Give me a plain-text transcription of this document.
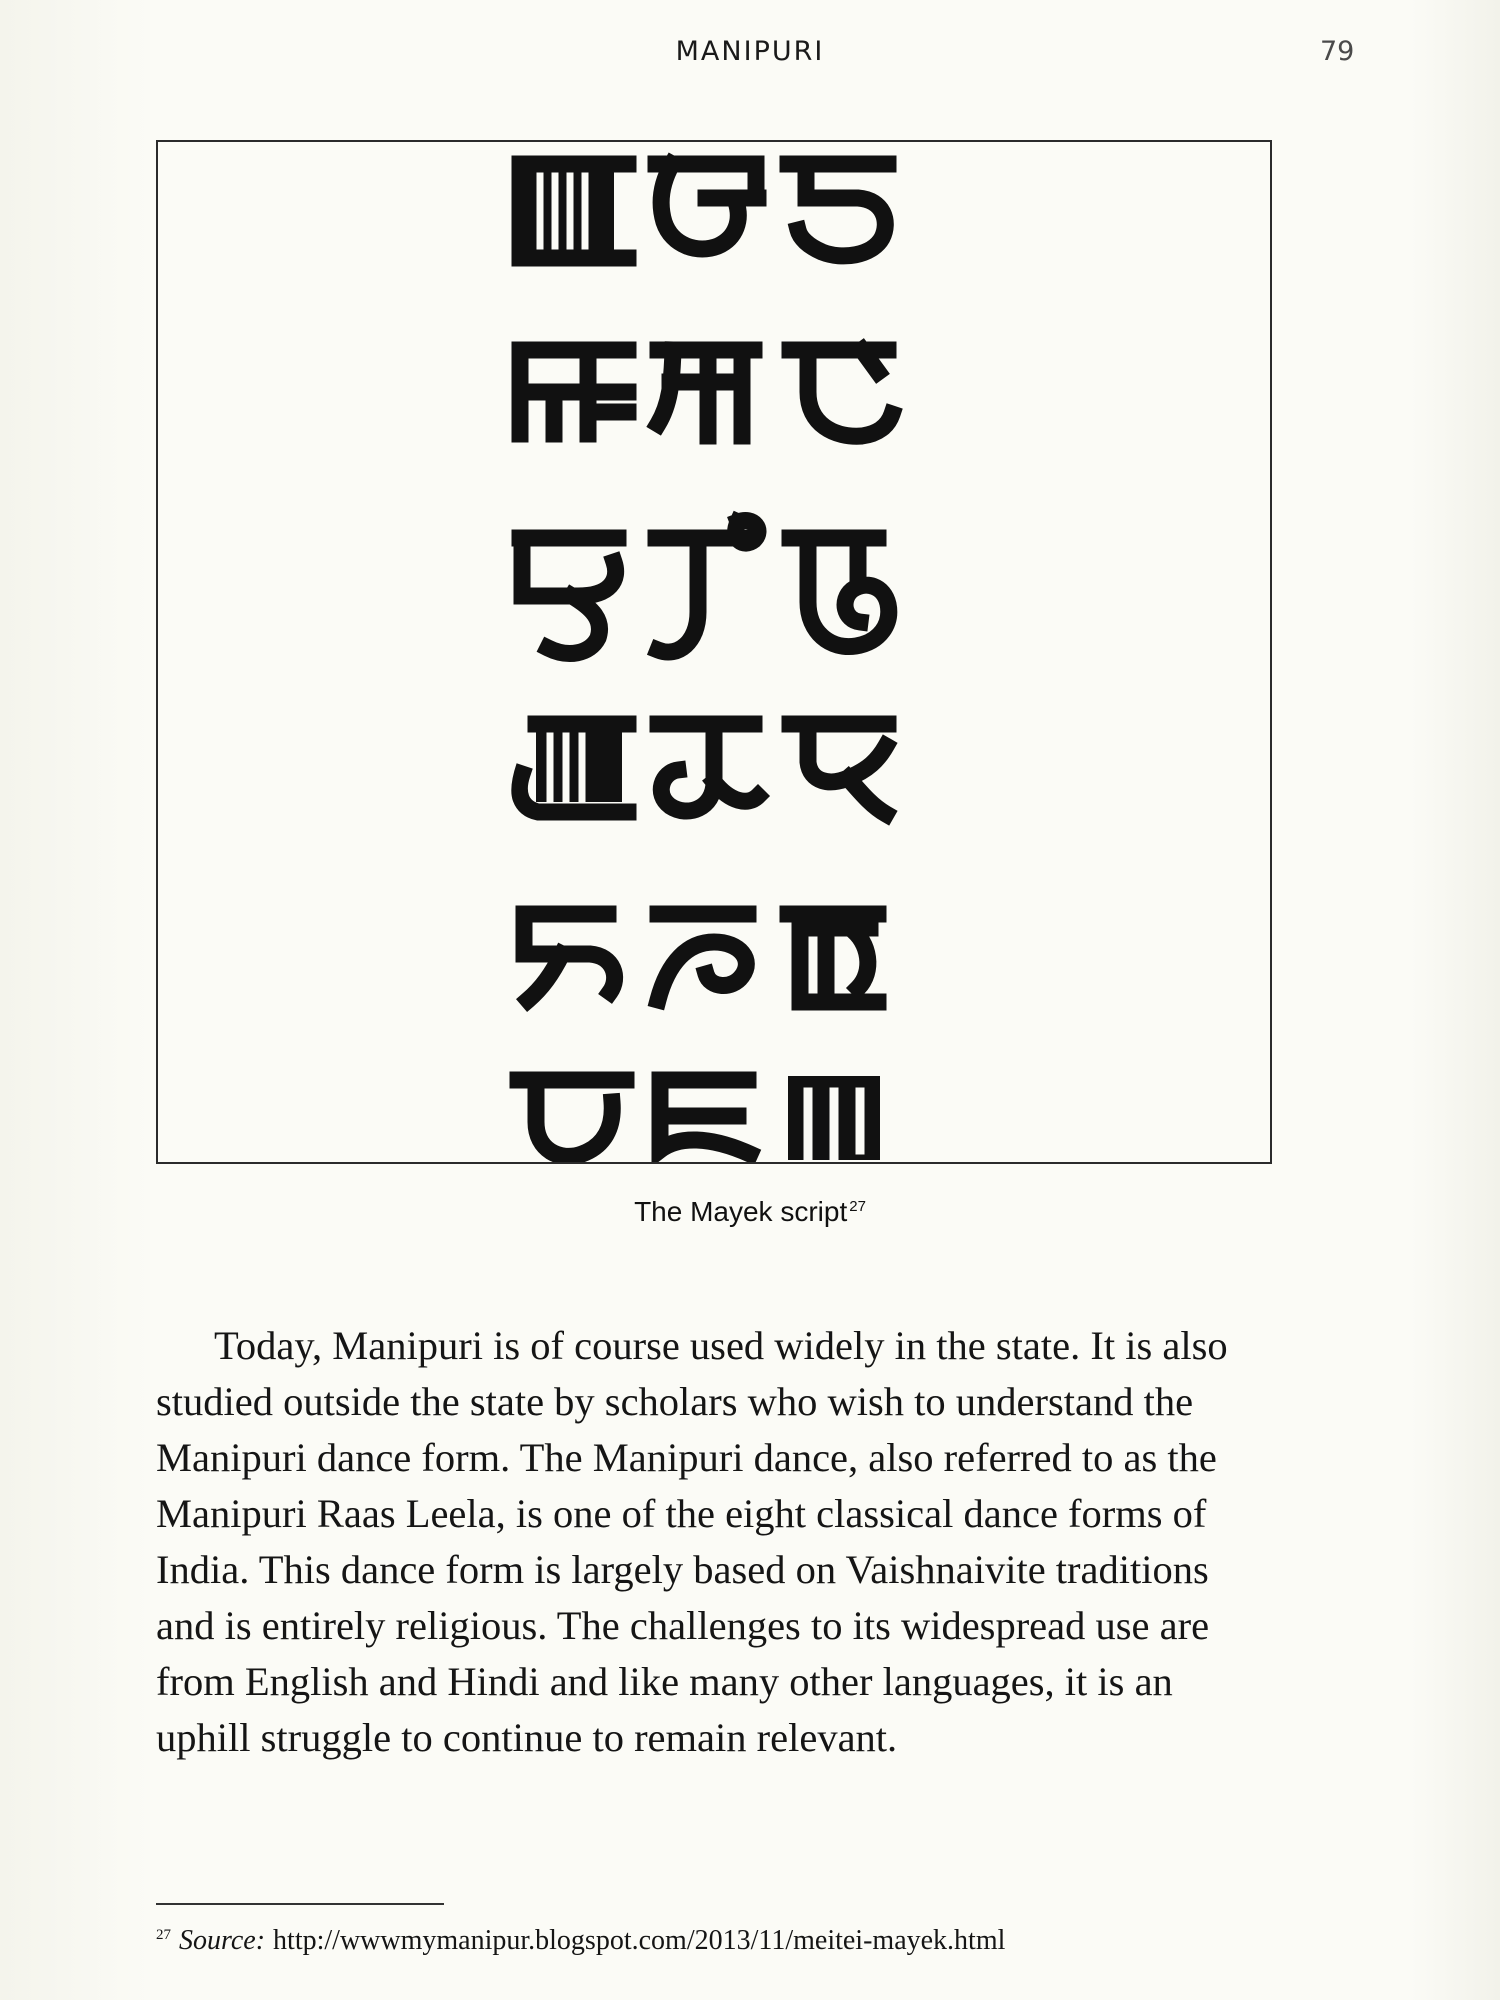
MANIPURI	79
The Mayek script $^{27}$

Today, Manipuri is of course used widely in the state. It is also studied outside the state by scholars who wish to understand the Manipuri dance form. The Manipuri dance, also referred to as the Manipuri Raas Leela, is one of the eight classical dance forms of India. This dance form is largely based on Vaishnaivite traditions and is entirely religious. The challenges to its widespread use are from English and Hindi and like many other languages, it is an uphill struggle to continue to remain relevant.

$^{27}$ Source: http://wwwmymanipur.blogspot.com/2013/11/meitei-mayek.html
